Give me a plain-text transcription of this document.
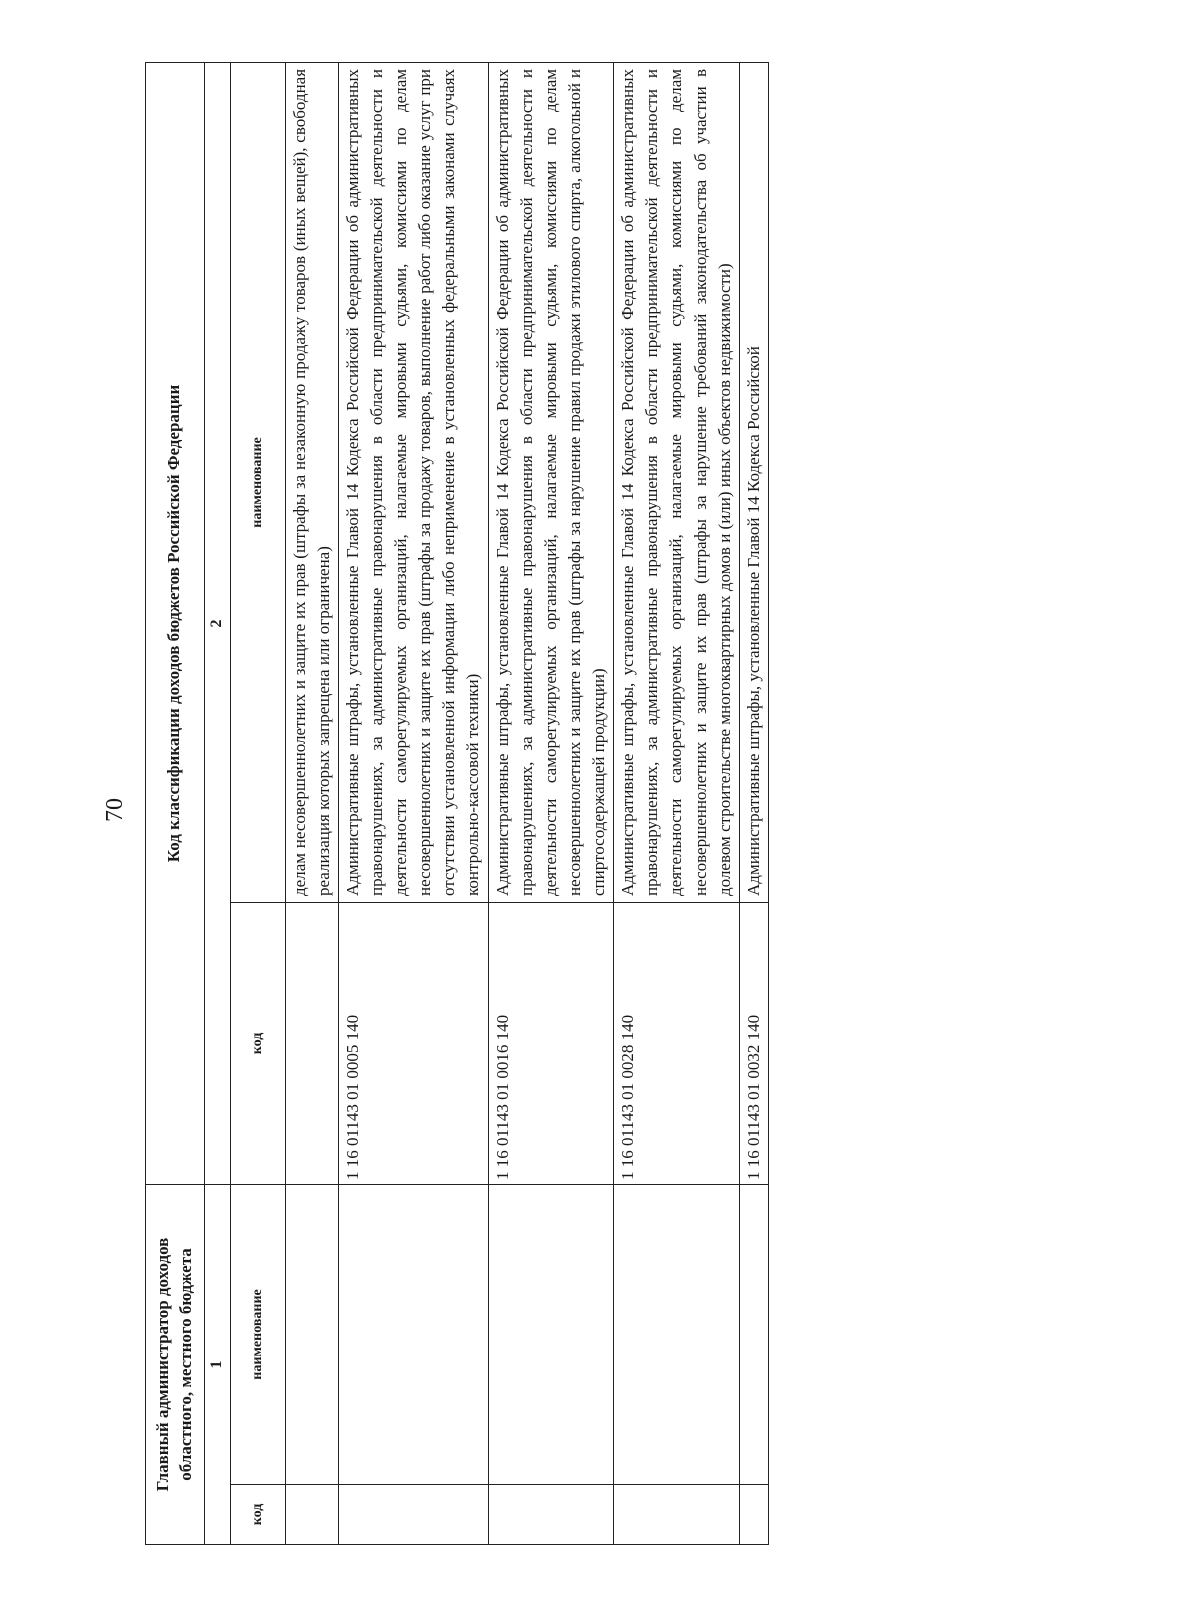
70
Главный администратор доходов областного, местного бюджета		Код классификации доходов бюджетов Российской Федерации	
1		2	
код	наименование	код	наименование
			делам несовершеннолетних и защите их прав (штрафы за незаконную продажу товаров (иных вещей), свободная реализация которых запрещена или ограничена)
		1 16 01143 01 0005 140	Административные штрафы, установленные Главой 14 Кодекса Российской Федерации об административных правонарушениях, за административные правонарушения в области предпринимательской деятельности и деятельности саморегулируемых организаций, налагаемые мировыми судьями, комиссиями по делам несовершеннолетних и защите их прав (штрафы за продажу товаров, выполнение работ либо оказание услуг при отсутствии установленной информации либо неприменение в установленных федеральными законами случаях контрольно-кассовой техники)
		1 16 01143 01 0016 140	Административные штрафы, установленные Главой 14 Кодекса Российской Федерации об административных правонарушениях, за административные правонарушения в области предпринимательской деятельности и деятельности саморегулируемых организаций, налагаемые мировыми судьями, комиссиями по делам несовершеннолетних и защите их прав (штрафы за нарушение правил продажи этилового спирта, алкогольной и спиртосодержащей продукции)
		1 16 01143 01 0028 140	Административные штрафы, установленные Главой 14 Кодекса Российской Федерации об административных правонарушениях, за административные правонарушения в области предпринимательской деятельности и деятельности саморегулируемых организаций, налагаемые мировыми судьями, комиссиями по делам несовершеннолетних и защите их прав (штрафы за нарушение требований законодательства об участии в долевом строительстве многоквартирных домов и (или) иных объектов недвижимости)
		1 16 01143 01 0032 140	Административные штрафы, установленные Главой 14 Кодекса Российской
